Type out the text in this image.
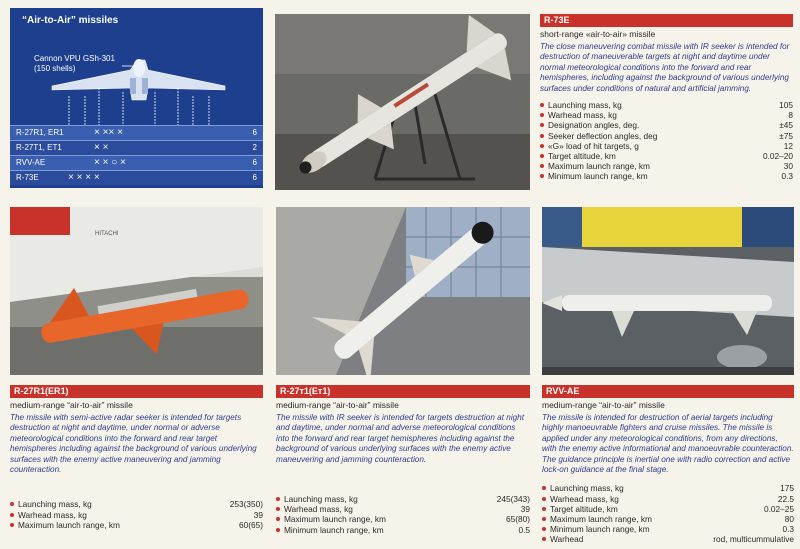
“Air-to-Air” missiles
Cannon VPU GSh-301
(150 shells)
R-27R1, ER1	× ×× ×	6
R-27T1, ET1	× ×	2
RVV-AE	× × ○ ×	6
R-73E	× × × ×	6
R-73E
short-range «air-to-air» missile
The close maneuvering combat missile with IR seeker is intended for destruction of maneuverable targets at night and daytime under normal meteorological conditions into the forward and rear hemispheres, including against the background of various underlying surfaces under conditions of natural and artificial jamming.
Launching mass, kg	105
Warhead mass, kg	8
Designation angles, deg.	±45
Seeker deflection angles, deg	±75
«G» load of hit targets, g	12
Target altitude, km	0.02–20
Maximum launch range, km	30
Minimum launch range, km	0.3
HITACHI
R-27R1(ER1)
medium-range “air-to-air” missile
The missile with semi-active radar seeker is intended for targets destruction at night and daytime, under normal or adverse meteorological conditions into the forward and rear target hemispheres including against the background of various underlying surfaces with the enemy active maneuvering and jamming counteraction.
Launching mass, kg	253(350)
Warhead mass, kg	39
Maximum launch range, km	60(65)
R-27т1(Eт1)
medium-range “air-to-air” missile
The missile with IR seeker is intended for targets destruction at night and daytime, under normal and adverse meteorological conditions into the forward and rear target hemispheres including against the background of various underlying surfaces with the enemy active maneuvering and jamming counteraction.
Launching mass, kg	245(343)
Warhead mass, kg	39
Maximum launch range, km	65(80)
Minimum launch range, km	0.5
RVV-AE
medium-range “air-to-air” missile
The missile is intended for destruction of aerial targets including highly manoeuvrable fighters and cruise missiles. The missile is applied under any meteorological conditions, from any directions, with the enemy active informational and manoeuvrable counteraction. The guidance principle is inertial one with radio correction and active lock-on guidance at the final stage.
Launching mass, kg	175
Warhead mass, kg	22.5
Target altitude, km	0.02–25
Maximum launch range, km	80
Minimum launch range, km	0.3
Warhead	rod, multicummulative
